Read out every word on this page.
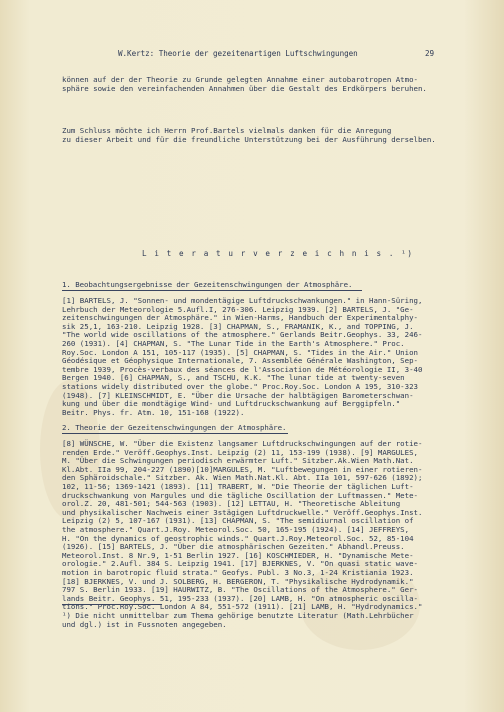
W.Kertz: Theorie der gezeitenartigen Luftschwingungen	29
können auf der der Theorie zu Grunde gelegten Annahme einer autobarotropen Atmo-
sphäre sowie den vereinfachenden Annahmen über die Gestalt des Erdkörpers beruhen.
Zum Schluss möchte ich Herrn Prof.Bartels vielmals danken für die Anregung
zu dieser Arbeit und für die freundliche Unterstützung bei der Ausführung derselben.
L i t e r a t u r v e r z e i c h n i s . ¹)
1. Beobachtungsergebnisse der Gezeitenschwingungen der Atmosphäre.
[1] BARTELS, J. "Sonnen- und mondentägige Luftdruckschwankungen." in Hann-Süring,
Lehrbuch der Meteorologie 5.Aufl.I, 276-306. Leipzig 1939. [2] BARTELS, J. "Ge-
zeitenschwingungen der Atmosphäre." in Wien-Harms, Handbuch der Experimentalphy-
sik 25,1, 163-210. Leipzig 1928. [3] CHAPMAN, S., FRAMANIK, K., and TOPPING, J.
"The world wide oscillations of the atmosphere." Gerlands Beitr.Geophys. 33, 246-
260 (1931). [4] CHAPMAN, S. "The Lunar Tide in the Earth's Atmosphere." Proc.
Roy.Soc. London A 151, 105-117 (1935). [5] CHAPMAN, S. "Tides in the Air." Union
Géodésique et Géophysique Internationale, 7. Assemblée Générale Washington, Sep-
tembre 1939, Procès-verbaux des séances de l'Association de Météorologie II, 3-40
Bergen 1940. [6] CHAPMAN, S., and TSCHU, K.K. "The lunar tide at twenty-seven
stations widely distributed over the globe." Proc.Roy.Soc. London A 195, 310-323
(1948). [7] KLEINSCHMIDT, E. "Über die Ursache der halbtägigen Barometerschwan-
kung und über die mondtägige Wind- und Luftdruckschwankung auf Berggipfeln."
Beitr. Phys. fr. Atm. 10, 151-168 (1922).
2. Theorie der Gezeitenschwingungen der Atmosphäre.
[8] WÜNSCHE, W. "Über die Existenz langsamer Luftdruckschwingungen auf der rotie-
renden Erde." Veröff.Geophys.Inst. Leipzig (2) 11, 153-199 (1938). [9] MARGULES,
M. "Über die Schwingungen periodisch erwärmter Luft." Sitzber.Ak.Wien Math.Nat.
Kl.Abt. IIa 99, 204-227 (1890)[10]MARGULES, M. "Luftbewegungen in einer rotieren-
den Sphäroidschale." Sitzber. Ak. Wien Math.Nat.Kl. Abt. IIa 101, 597-626 (1892);
102, 11-56; 1369-1421 (1893). [11] TRABERT, W. "Die Theorie der täglichen Luft-
druckschwankung von Margules und die tägliche Oscillation der Luftmassen." Mete-
orol.Z. 20, 481-501; 544-563 (1903). [12] LETTAU, H. "Theoretische Ableitung
und physikalischer Nachweis einer 3stägigen Luftdruckwelle." Veröff.Geophys.Inst.
Leipzig (2) 5, 107-167 (1931). [13] CHAPMAN, S. "The semidiurnal oscillation of
the atmosphere." Quart.J.Roy. Meteorol.Soc. 50, 165-195 (1924). [14] JEFFREYS,
H. "On the dynamics of geostrophic winds." Quart.J.Roy.Meteorol.Soc. 52, 85-104
(1926). [15] BARTELS, J. "Über die atmosphärischen Gezeiten." Abhandl.Preuss.
Meteorol.Inst. 8 Nr.9, 1-51 Berlin 1927. [16] KOSCHMIEDER, H. "Dynamische Mete-
orologie." 2.Aufl. 384 S. Leipzig 1941. [17] BJERKNES, V. "On quasi static wave-
motion in barotropic fluid strata." Geofys. Publ. 3 No.3, 1-24 Kristiania 1923.
[18] BJERKNES, V. und J. SOLBERG, H. BERGERON, T. "Physikalische Hydrodynamik."
797 S. Berlin 1933. [19] HAURWITZ, B. "The Oscillations of the Atmosphere." Ger-
lands Beitr. Geophys. 51, 195-233 (1937). [20] LAMB, H. "On atmospheric oscilla-
tions." Proc.Roy.Soc. London A 84, 551-572 (1911). [21] LAMB, H. "Hydrodynamics."
¹) Die nicht unmittelbar zum Thema gehörige benutzte Literatur (Math.Lehrbücher
und dgl.) ist in Fussnoten angegeben.
